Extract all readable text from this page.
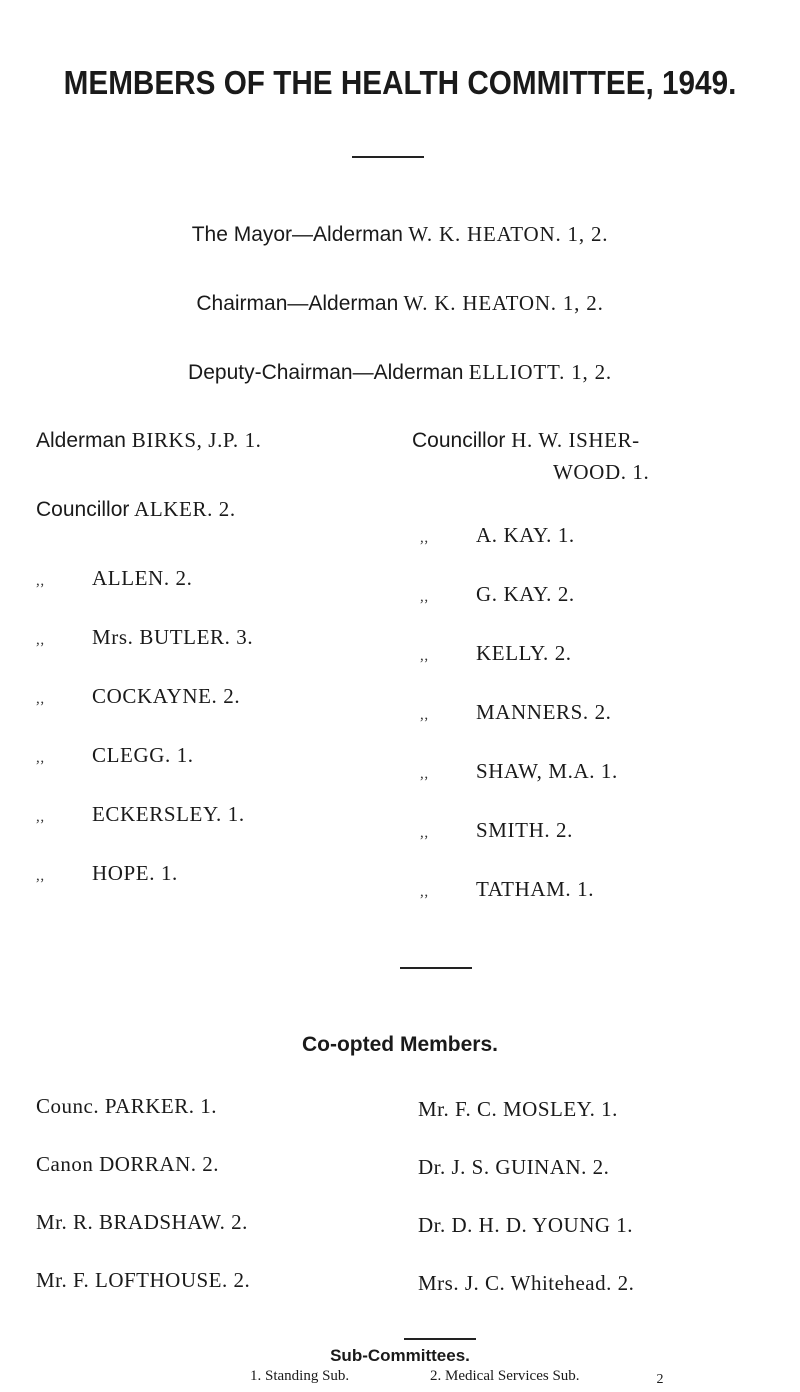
MEMBERS OF THE HEALTH COMMITTEE, 1949.
The Mayor—Alderman W. K. HEATON. 1, 2.
Chairman—Alderman W. K. HEATON. 1, 2.
Deputy-Chairman—Alderman ELLIOTT. 1, 2.
Alderman BIRKS, J.P. 1.
Councillor ALKER. 2.
,, ALLEN. 2.
,, Mrs. BUTLER. 3.
,, COCKAYNE. 2.
,, CLEGG. 1.
,, ECKERSLEY. 1.
,, HOPE. 1.
Councillor H. W. ISHER-
WOOD. 1.
,, A. KAY. 1.
,, G. KAY. 2.
,, KELLY. 2.
,, MANNERS. 2.
,, SHAW, M.A. 1.
,, SMITH. 2.
,, TATHAM. 1.
Co-opted Members.
Counc. PARKER. 1.
Canon DORRAN. 2.
Mr. R. BRADSHAW. 2.
Mr. F. LOFTHOUSE. 2.
Mr. F. C. MOSLEY. 1.
Dr. J. S. GUINAN. 2.
Dr. D. H. D. YOUNG 1.
Mrs. J. C. Whitehead. 2.
Sub-Committees.
1. Standing Sub.	2. Medical Services Sub.	2
